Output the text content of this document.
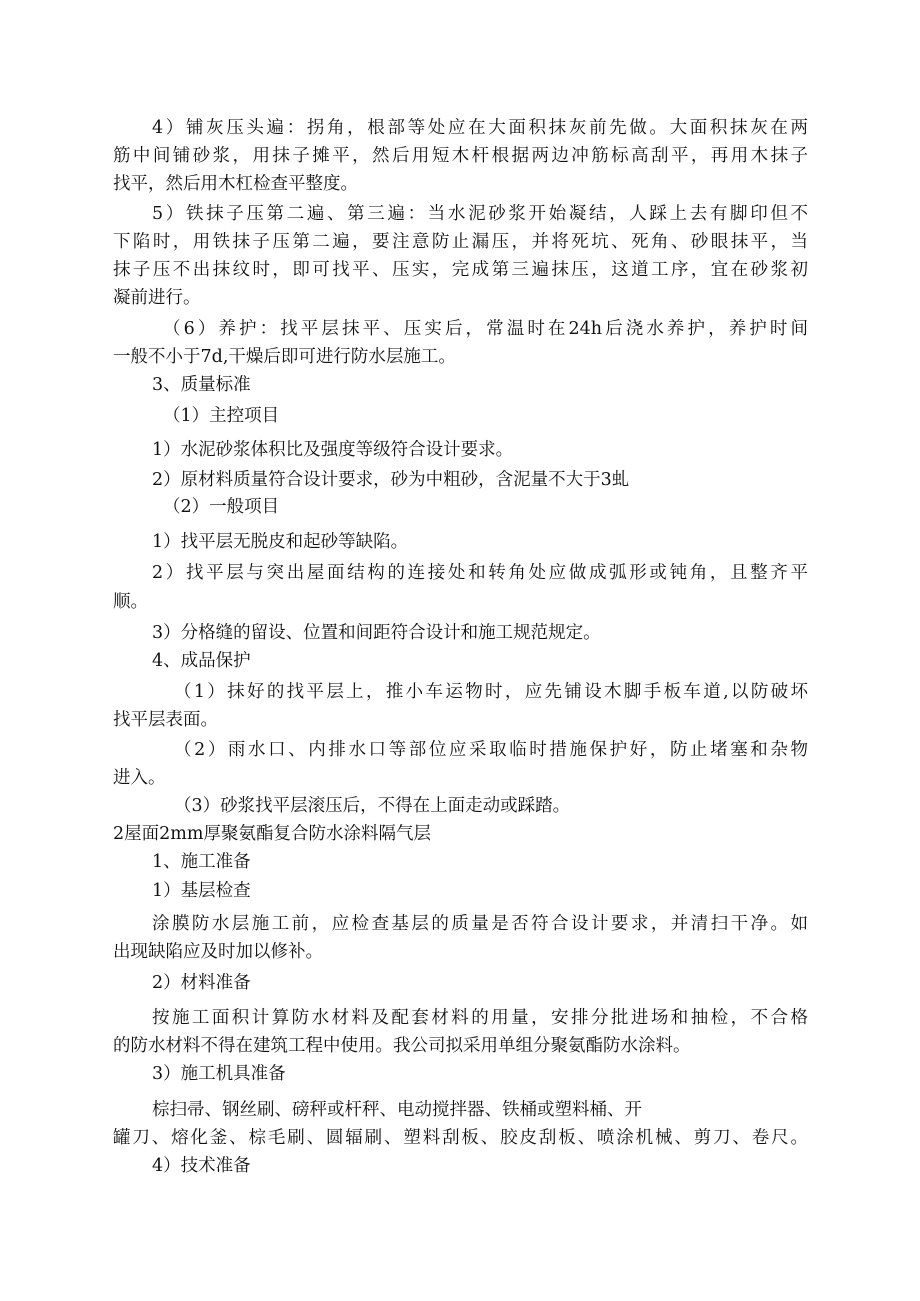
4）铺灰压头遍：拐角，根部等处应在大面积抹灰前先做。大面积抹灰在两
筋中间铺砂浆，用抹子摊平，然后用短木杆根据两边冲筋标高刮平，再用木抹子
找平，然后用木杠检查平整度。
5）铁抹子压第二遍、第三遍：当水泥砂浆开始凝结，人踩上去有脚印但不
下陷时，用铁抹子压第二遍，要注意防止漏压，并将死坑、死角、砂眼抹平，当
抹子压不出抹纹时，即可找平、压实，完成第三遍抹压，这道工序，宜在砂浆初
凝前进行。
（6）养护：找平层抹平、压实后，常温时在24h后浇水养护，养护时间
一般不小于7d,干燥后即可进行防水层施工。
3、质量标准
（1）主控项目
1）水泥砂浆体积比及强度等级符合设计要求。
2）原材料质量符合设计要求，砂为中粗砂，含泥量不大于3虬
（2）一般项目
1）找平层无脱皮和起砂等缺陷。
2）找平层与突出屋面结构的连接处和转角处应做成弧形或钝角，且整齐平
顺。
3）分格缝的留设、位置和间距符合设计和施工规范规定。
4、成品保护
（1）抹好的找平层上，推小车运物时，应先铺设木脚手板车道,以防破坏
找平层表面。
（2）雨水口、内排水口等部位应采取临时措施保护好，防止堵塞和杂物
进入。
（3）砂浆找平层滚压后，不得在上面走动或踩踏。
2屋面2mm厚聚氨酯复合防水涂料隔气层
1、施工准备
1）基层检查
涂膜防水层施工前，应检查基层的质量是否符合设计要求，并清扫干净。如
出现缺陷应及时加以修补。
2）材料准备
按施工面积计算防水材料及配套材料的用量，安排分批进场和抽检，不合格
的防水材料不得在建筑工程中使用。我公司拟采用单组分聚氨酯防水涂料。
3）施工机具准备
棕扫帚、钢丝刷、磅秤或杆秤、电动搅拌器、铁桶或塑料桶、开
罐刀、熔化釜、棕毛刷、圆辐刷、塑料刮板、胶皮刮板、喷涂机械、剪刀、卷尺。
4）技术准备
